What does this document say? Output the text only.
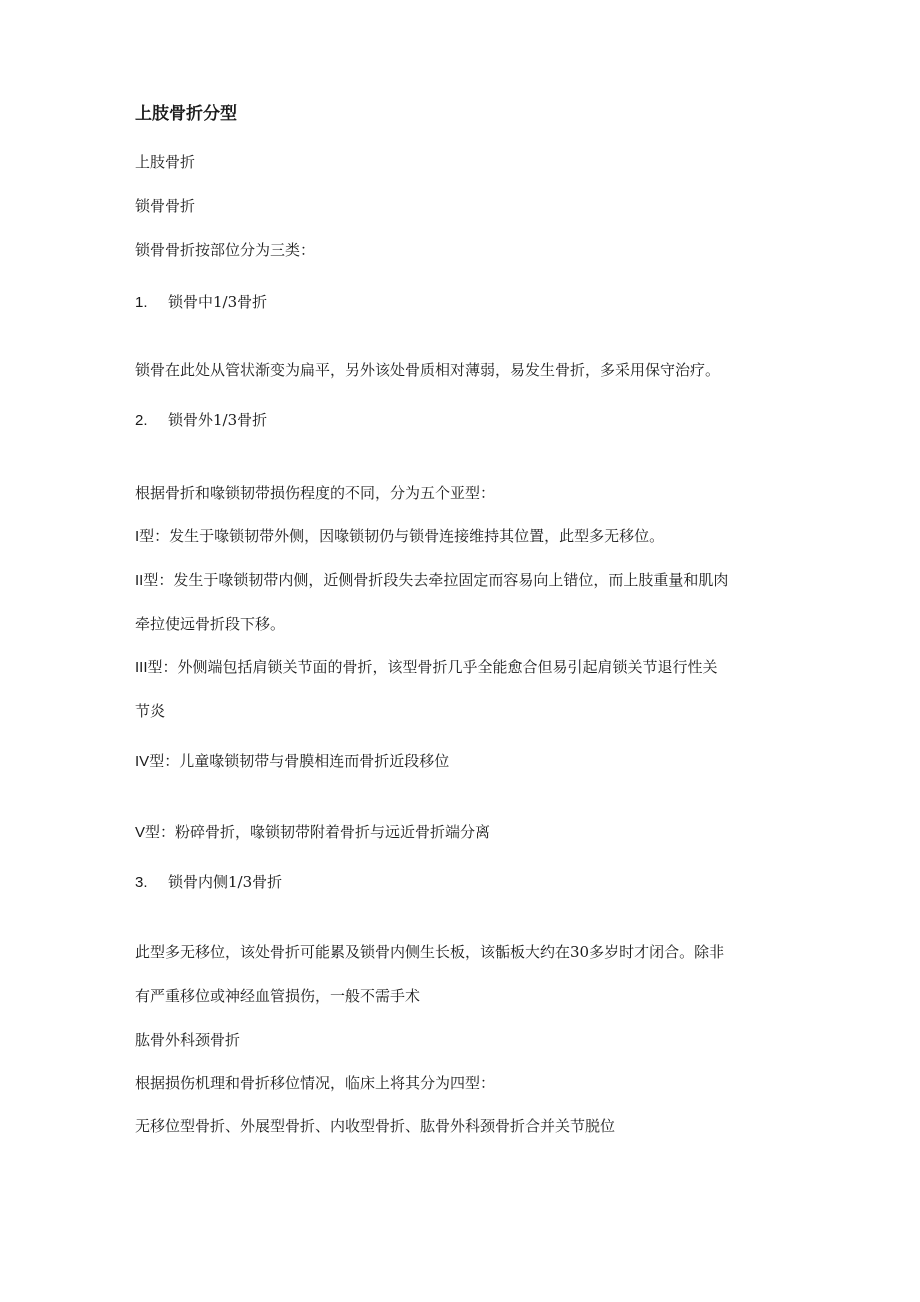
上肢骨折分型
上肢骨折
锁骨骨折
锁骨骨折按部位分为三类：
1. 锁骨中1/3骨折
锁骨在此处从管状渐变为扁平，另外该处骨质相对薄弱，易发生骨折，多采用保守治疗。
2. 锁骨外1/3骨折
根据骨折和喙锁韧带损伤程度的不同，分为五个亚型：
I型：发生于喙锁韧带外侧，因喙锁韧仍与锁骨连接维持其位置，此型多无移位。
II型：发生于喙锁韧带内侧，近侧骨折段失去牵拉固定而容易向上错位，而上肢重量和肌肉
牵拉使远骨折段下移。
III型：外侧端包括肩锁关节面的骨折，该型骨折几乎全能愈合但易引起肩锁关节退行性关
节炎
IV型：儿童喙锁韧带与骨膜相连而骨折近段移位
V型：粉碎骨折，喙锁韧带附着骨折与远近骨折端分离
3. 锁骨内侧1/3骨折
此型多无移位，该处骨折可能累及锁骨内侧生长板，该骺板大约在30多岁时才闭合。除非
有严重移位或神经血管损伤，一般不需手术
肱骨外科颈骨折
根据损伤机理和骨折移位情况，临床上将其分为四型：
无移位型骨折、外展型骨折、内收型骨折、肱骨外科颈骨折合并关节脱位
